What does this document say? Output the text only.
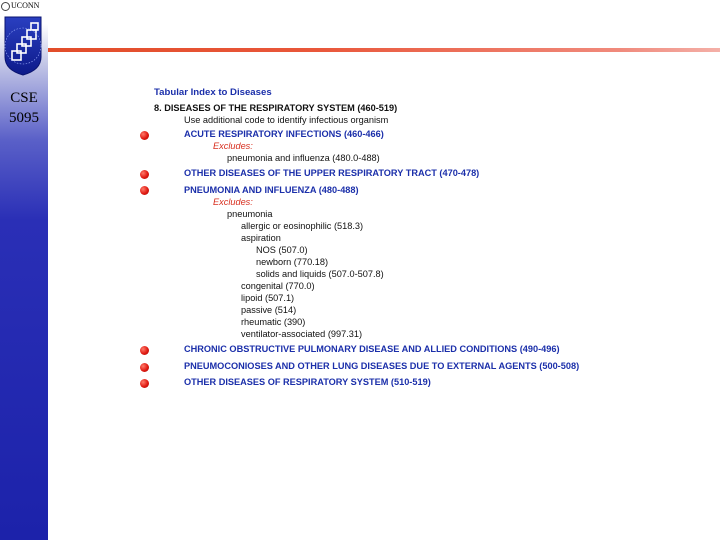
UCONN
CSE
5095
Tabular Index to Diseases
8. DISEASES OF THE RESPIRATORY SYSTEM (460-519)
Use additional code to identify infectious organism
ACUTE RESPIRATORY INFECTIONS (460-466)
Excludes:
pneumonia and influenza (480.0-488)
OTHER DISEASES OF THE UPPER RESPIRATORY TRACT (470-478)
PNEUMONIA AND INFLUENZA (480-488)
Excludes:
pneumonia
allergic or eosinophilic (518.3)
aspiration
NOS (507.0)
newborn (770.18)
solids and liquids (507.0-507.8)
congenital (770.0)
lipoid (507.1)
passive (514)
rheumatic (390)
ventilator-associated (997.31)
CHRONIC OBSTRUCTIVE PULMONARY DISEASE AND ALLIED CONDITIONS (490-496)
PNEUMOCONIOSES AND OTHER LUNG DISEASES DUE TO EXTERNAL AGENTS (500-508)
OTHER DISEASES OF RESPIRATORY SYSTEM (510-519)
